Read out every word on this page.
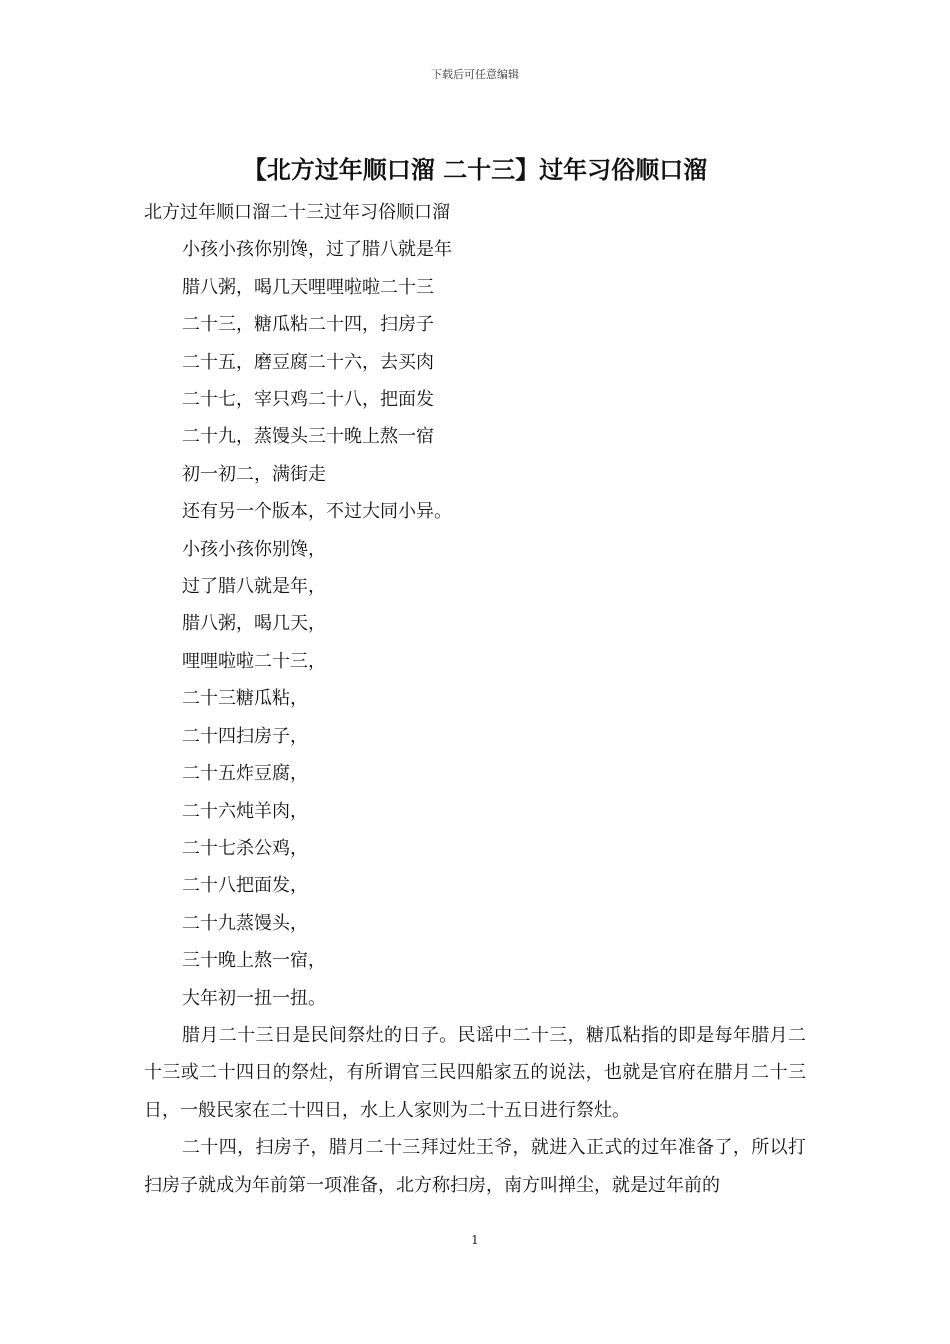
下载后可任意编辑
【北方过年顺口溜 二十三】过年习俗顺口溜

北方过年顺口溜二十三过年习俗顺口溜

小孩小孩你别馋，过了腊八就是年

腊八粥，喝几天哩哩啦啦二十三

二十三，糖瓜粘二十四，扫房子

二十五，磨豆腐二十六，去买肉

二十七，宰只鸡二十八，把面发

二十九，蒸馒头三十晚上熬一宿

初一初二，满街走

还有另一个版本，不过大同小异。

小孩小孩你别馋，

过了腊八就是年，

腊八粥，喝几天，

哩哩啦啦二十三，

二十三糖瓜粘，

二十四扫房子，

二十五炸豆腐，

二十六炖羊肉，

二十七杀公鸡，

二十八把面发，

二十九蒸馒头，

三十晚上熬一宿，

大年初一扭一扭。

腊月二十三日是民间祭灶的日子。民谣中二十三，糖瓜粘指的即是每年腊月二十三或二十四日的祭灶，有所谓官三民四船家五的说法，也就是官府在腊月二十三日，一般民家在二十四日，水上人家则为二十五日进行祭灶。

二十四，扫房子，腊月二十三拜过灶王爷，就进入正式的过年准备了，所以打扫房子就成为年前第一项准备，北方称扫房，南方叫掸尘，就是过年前的

1
